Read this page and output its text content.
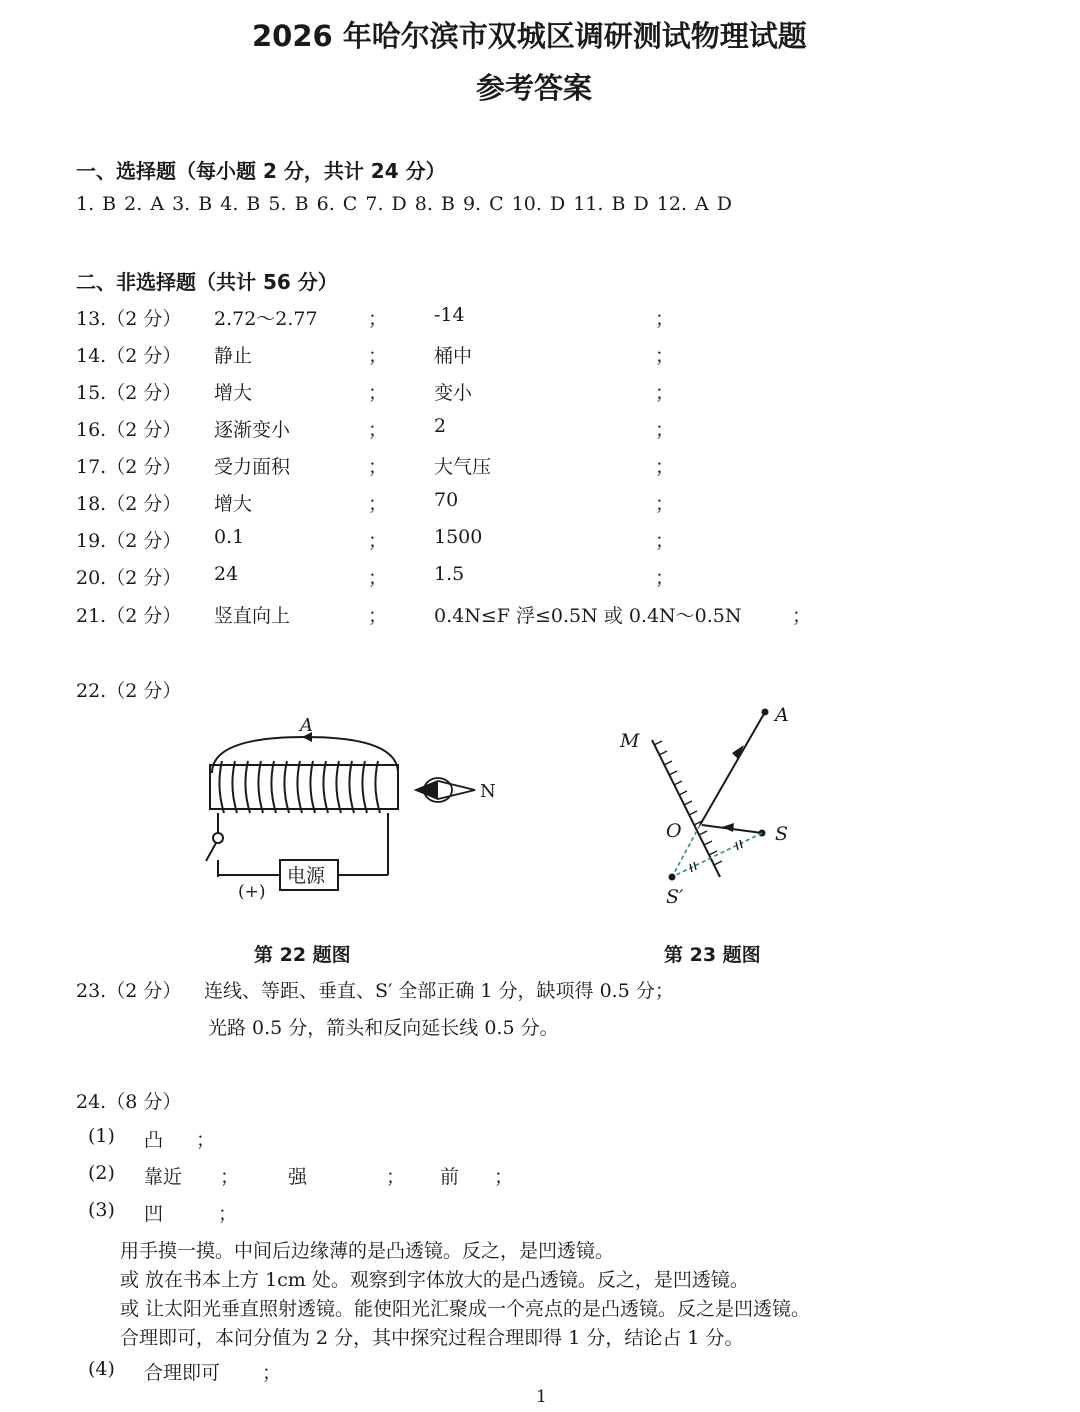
2026 年哈尔滨市双城区调研测试物理试题
参考答案
一、选择题（每小题 2 分，共计 24 分）
1. B 2. A 3. B 4. B 5. B 6. C 7. D 8. B 9. C 10. D 11. B D 12. A D
二、非选择题（共计 56 分）
13.（2 分） 2.72～2.77	； -14	；
14.（2 分） 静止	； 桶中	；
15.（2 分） 增大	； 变小	；
16.（2 分） 逐渐变小	； 2	；
17.（2 分） 受力面积	； 大气压	；
18.（2 分） 增大	； 70	；
19.（2 分） 0.1	； 1500	；
20.（2 分） 24	； 1.5	；
21.（2 分） 竖直向上	； 0.4N≤F 浮≤0.5N 或 0.4N～0.5N	；
22.（2 分）
A
电源
(+)
N
M
A
S
O
S′
第 22 题图	第 23 题图
23.（2 分） 连线、等距、垂直、S′ 全部正确 1 分，缺项得 0.5 分；
光路 0.5 分，箭头和反向延长线 0.5 分。
24.（8 分）
(1) 凸 ；
(2) 靠近 ；	强	； 前 ；
(3) 凹	；
用手摸一摸。中间后边缘薄的是凸透镜。反之，是凹透镜。
或 放在书本上方 1cm 处。观察到字体放大的是凸透镜。反之，是凹透镜。
或 让太阳光垂直照射透镜。能使阳光汇聚成一个亮点的是凸透镜。反之是凹透镜。
合理即可，本问分值为 2 分，其中探究过程合理即得 1 分，结论占 1 分。
(4) 合理即可 ；
1
